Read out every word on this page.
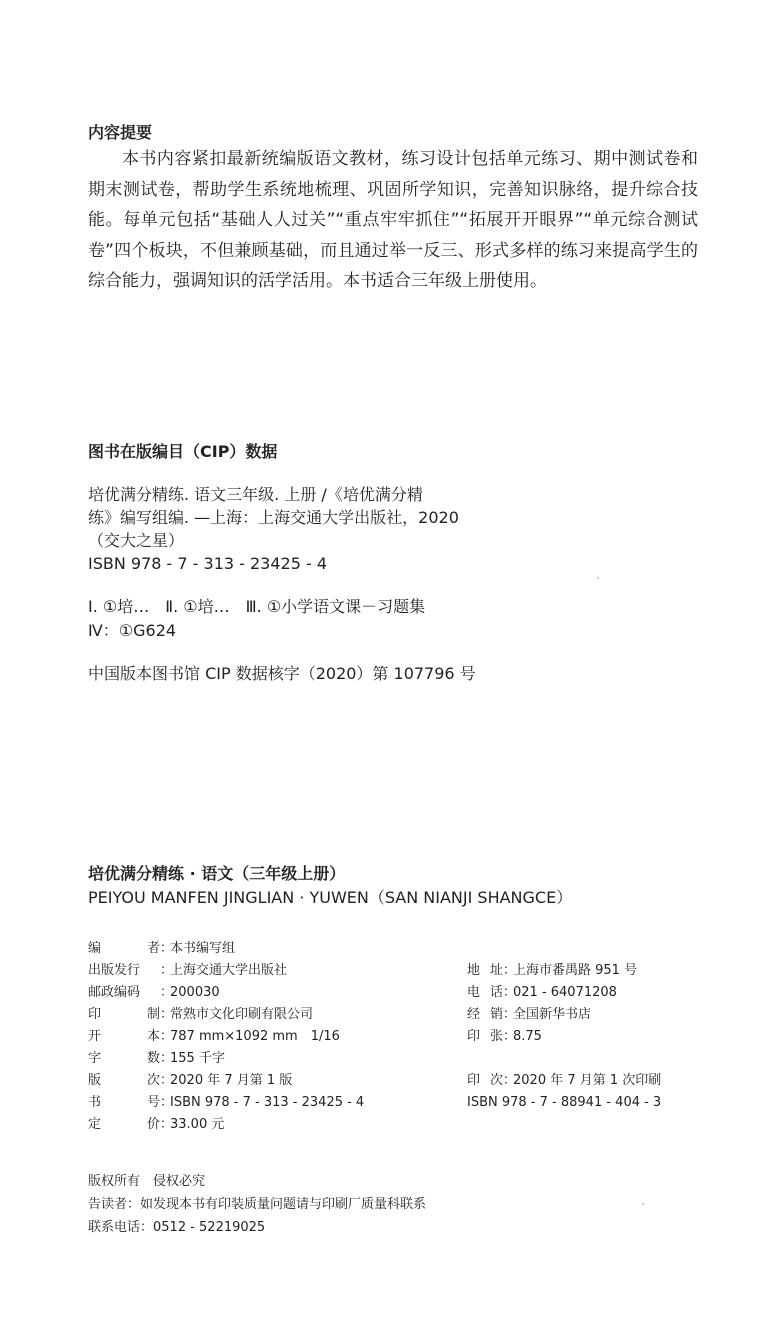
内容提要
本书内容紧扣最新统编版语文教材，练习设计包括单元练习、期中测试卷和期末测试卷，帮助学生系统地梳理、巩固所学知识，完善知识脉络，提升综合技能。每单元包括“基础人人过关”“重点牢牢抓住”“拓展开开眼界”“单元综合测试卷”四个板块，不但兼顾基础，而且通过举一反三、形式多样的练习来提高学生的综合能力，强调知识的活学活用。本书适合三年级上册使用。
图书在版编目（CIP）数据
培优满分精练. 语文三年级. 上册 /《培优满分精
练》编写组编. —上海：上海交通大学出版社，2020
（交大之星）
ISBN 978 - 7 - 313 - 23425 - 4
Ⅰ. ①培…　Ⅱ. ①培…　Ⅲ. ①小学语文课－习题集
Ⅳ：①G624
中国版本图书馆 CIP 数据核字（2020）第 107796 号
培优满分精练 · 语文（三年级上册）
PEIYOU MANFEN JINGLIAN · YUWEN（SAN NIANJI SHANGCE）
编	者 ：
本书编写组
出版发行	：
上海交通大学出版社
邮政编码	：
200030
印	制 ：
常熟市文化印刷有限公司
开	本 ：
787 mm×1092 mm　1/16
字	数 ：
155 千字
版	次 ：
2020 年 7 月第 1 版
书	号 ：
ISBN 978 - 7 - 313 - 23425 - 4
定	价 ：
33.00 元
地 址 ：
上海市番禺路 951 号
电 话 ：
021 - 64071208
经 销 ：
全国新华书店
印 张 ：
8.75
印 次 ：
2020 年 7 月第 1 次印刷
ISBN 978 - 7 - 88941 - 404 - 3
版权所有　侵权必究
告读者：如发现本书有印装质量问题请与印刷厂质量科联系
联系电话：0512 - 52219025
